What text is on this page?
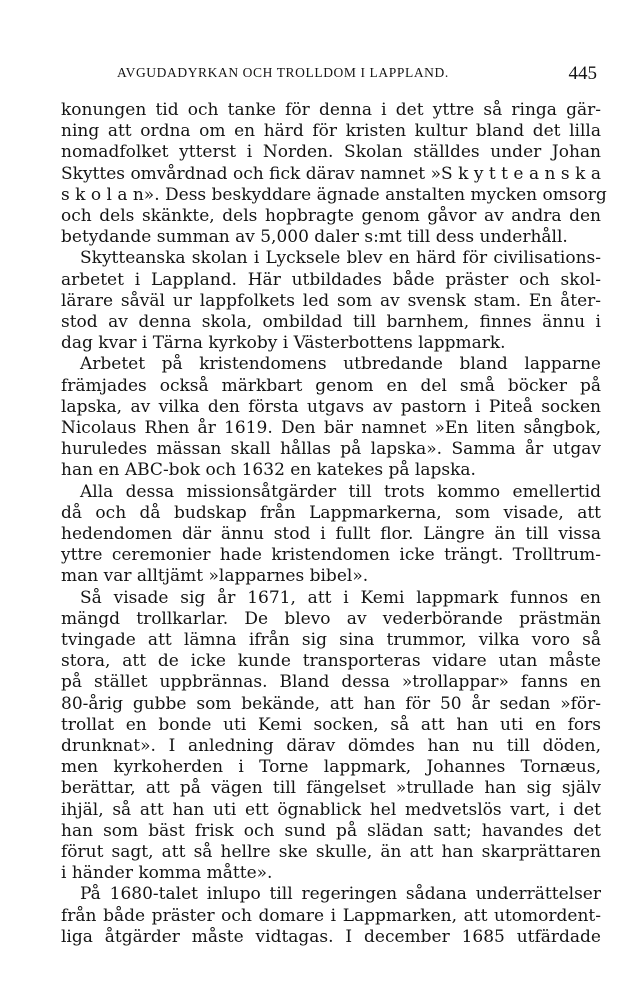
AVGUDADYRKAN OCH TROLLDOM I LAPPLAND.	445
konungen tid och tanke för denna i det yttre så ringa gär-
ning att ordna om en härd för kristen kultur bland det lilla
nomadfolket ytterst i Norden. Skolan ställdes under Johan
Skyttes omvårdnad och fick därav namnet »S k y t t e a n s k a
s k o l a n». Dess beskyddare ägnade anstalten mycken omsorg
och dels skänkte, dels hopbragte genom gåvor av andra den
betydande summan av 5,000 daler s:mt till dess underhåll.
Skytteanska skolan i Lycksele blev en härd för civilisations-
arbetet i Lappland. Här utbildades både präster och skol-
lärare såväl ur lappfolkets led som av svensk stam. En åter-
stod av denna skola, ombildad till barnhem, finnes ännu i
dag kvar i Tärna kyrkoby i Västerbottens lappmark.
Arbetet på kristendomens utbredande bland lapparne
främjades också märkbart genom en del små böcker på
lapska, av vilka den första utgavs av pastorn i Piteå socken
Nicolaus Rhen år 1619. Den bär namnet »En liten sångbok,
huruledes mässan skall hållas på lapska». Samma år utgav
han en ABC-bok och 1632 en katekes på lapska.
Alla dessa missionsåtgärder till trots kommo emellertid
då och då budskap från Lappmarkerna, som visade, att
hedendomen där ännu stod i fullt flor. Längre än till vissa
yttre ceremonier hade kristendomen icke trängt. Trolltrum-
man var alltjämt »lapparnes bibel».
Så visade sig år 1671, att i Kemi lappmark funnos en
mängd trollkarlar. De blevo av vederbörande prästmän
tvingade att lämna ifrån sig sina trummor, vilka voro så
stora, att de icke kunde transporteras vidare utan måste
på stället uppbrännas. Bland dessa »trollappar» fanns en
80-årig gubbe som bekände, att han för 50 år sedan »för-
trollat en bonde uti Kemi socken, så att han uti en fors
drunknat». I anledning därav dömdes han nu till döden,
men kyrkoherden i Torne lappmark, Johannes Tornæus,
berättar, att på vägen till fängelset »trullade han sig själv
ihjäl, så att han uti ett ögnablick hel medvetslös vart, i det
han som bäst frisk och sund på slädan satt; havandes det
förut sagt, att så hellre ske skulle, än att han skarprättaren
i händer komma måtte».
På 1680-talet inlupo till regeringen sådana underrättelser
från både präster och domare i Lappmarken, att utomordent-
liga åtgärder måste vidtagas. I december 1685 utfärdade
